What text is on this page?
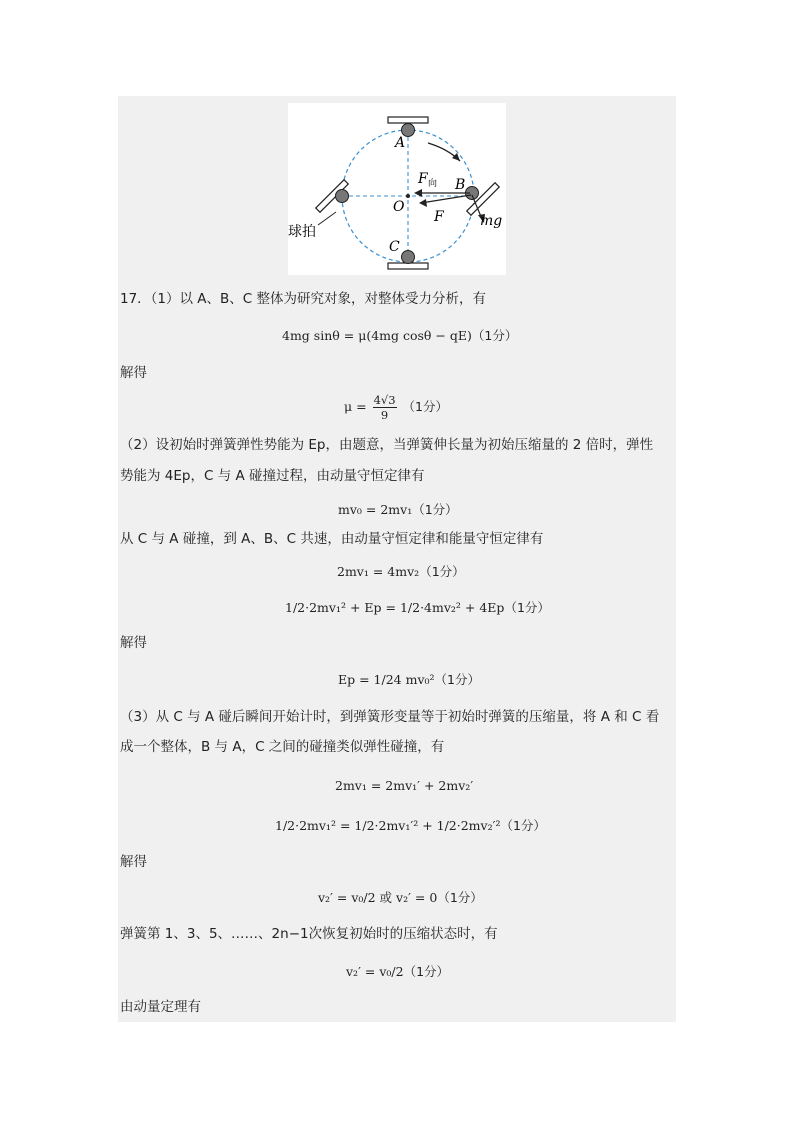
A
B
C
O
F 向
F	mg
球拍
17．（1）以 A、B、C 整体为研究对象，对整体受力分析，有
4mg sinθ = μ(4mg cosθ − qE)（1分）
解得
$\mu = \frac{4√3}{9} (1$分）
（2）设初始时弹簧弹性势能为 Ep，由题意，当弹簧伸长量为初始压缩量的 2 倍时，弹性
势能为 4Ep，C 与 A 碰撞过程，由动量守恒定律有
mv₀ = 2mv₁（1分）
从 C 与 A 碰撞，到 A、B、C 共速，由动量守恒定律和能量守恒定律有
2mv₁ = 4mv₂（1分）
1/2·2mv₁² + Ep = 1/2·4mv₂² + 4Ep（1分）
解得
Ep = 1/24 mv₀²（1分）
（3）从 C 与 A 碰后瞬间开始计时，到弹簧形变量等于初始时弹簧的压缩量，将 A 和 C 看
成一个整体，B 与 A，C 之间的碰撞类似弹性碰撞，有
2mv₁ = 2mv₁′ + 2mv₂′
1/2·2mv₁² = 1/2·2mv₁′² + 1/2·2mv₂′²（1分）
解得
v₂′ = v₀/2 或 v₂′ = 0（1分）
弹簧第 1、3、5、……、2n−1次恢复初始时的压缩状态时，有
v₂′ = v₀/2（1分）
由动量定理有
